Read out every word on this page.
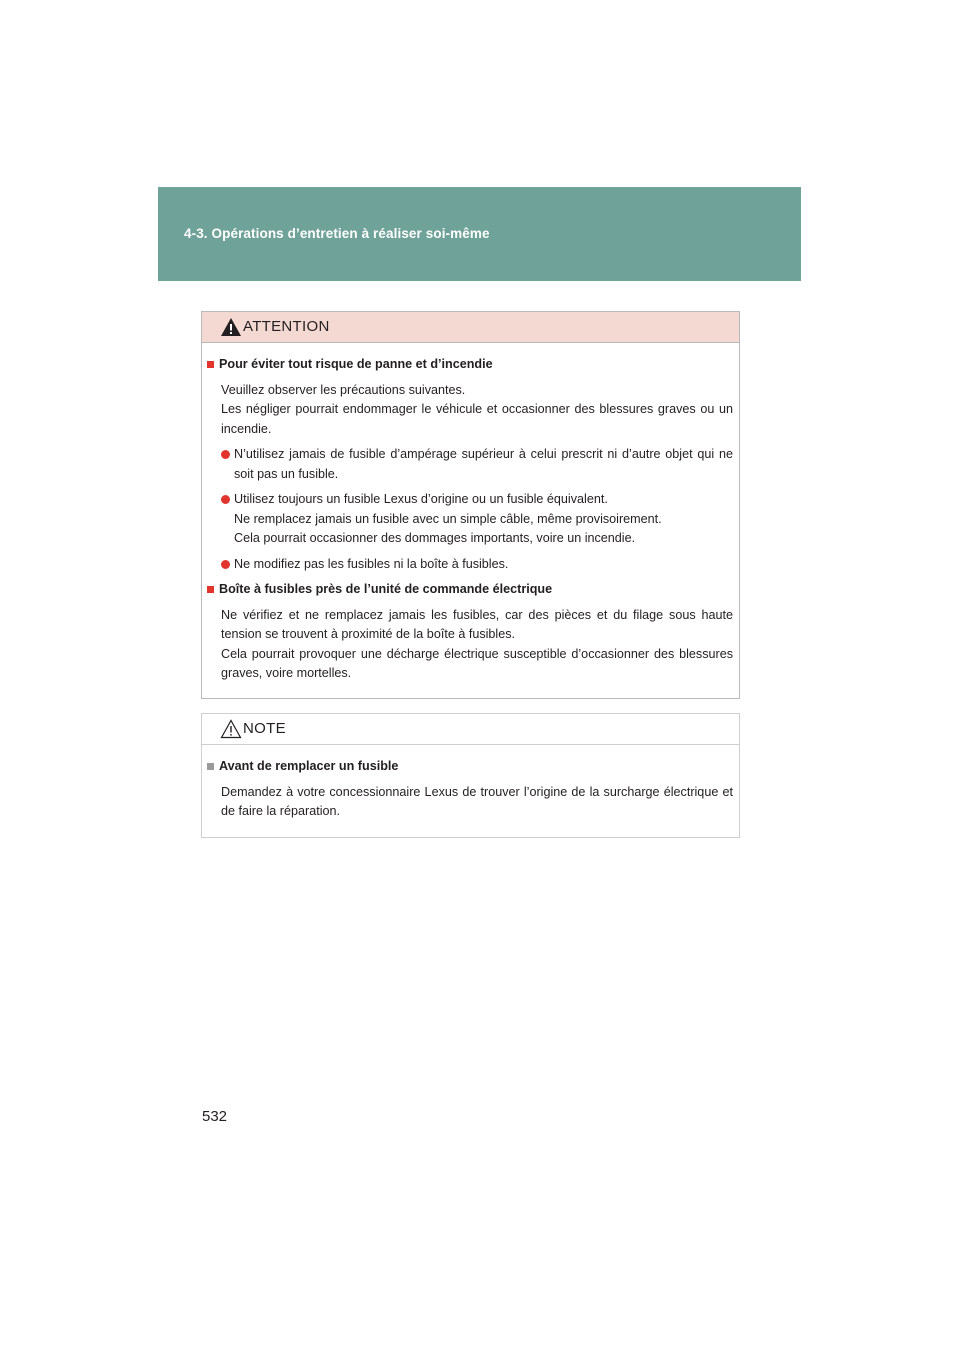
4-3. Opérations d’entretien à réaliser soi-même
ATTENTION
Pour éviter tout risque de panne et d’incendie
Veuillez observer les précautions suivantes.
Les négliger pourrait endommager le véhicule et occasionner des blessures graves ou un incendie.
N’utilisez jamais de fusible d’ampérage supérieur à celui prescrit ni d’autre objet qui ne soit pas un fusible.
Utilisez toujours un fusible Lexus d’origine ou un fusible équivalent.
Ne remplacez jamais un fusible avec un simple câble, même provisoirement.
Cela pourrait occasionner des dommages importants, voire un incendie.
Ne modifiez pas les fusibles ni la boîte à fusibles.
Boîte à fusibles près de l’unité de commande électrique
Ne vérifiez et ne remplacez jamais les fusibles, car des pièces et du filage sous haute tension se trouvent à proximité de la boîte à fusibles.
Cela pourrait provoquer une décharge électrique susceptible d’occasionner des blessures graves, voire mortelles.
NOTE
Avant de remplacer un fusible
Demandez à votre concessionnaire Lexus de trouver l’origine de la surcharge électrique et de faire la réparation.
532
